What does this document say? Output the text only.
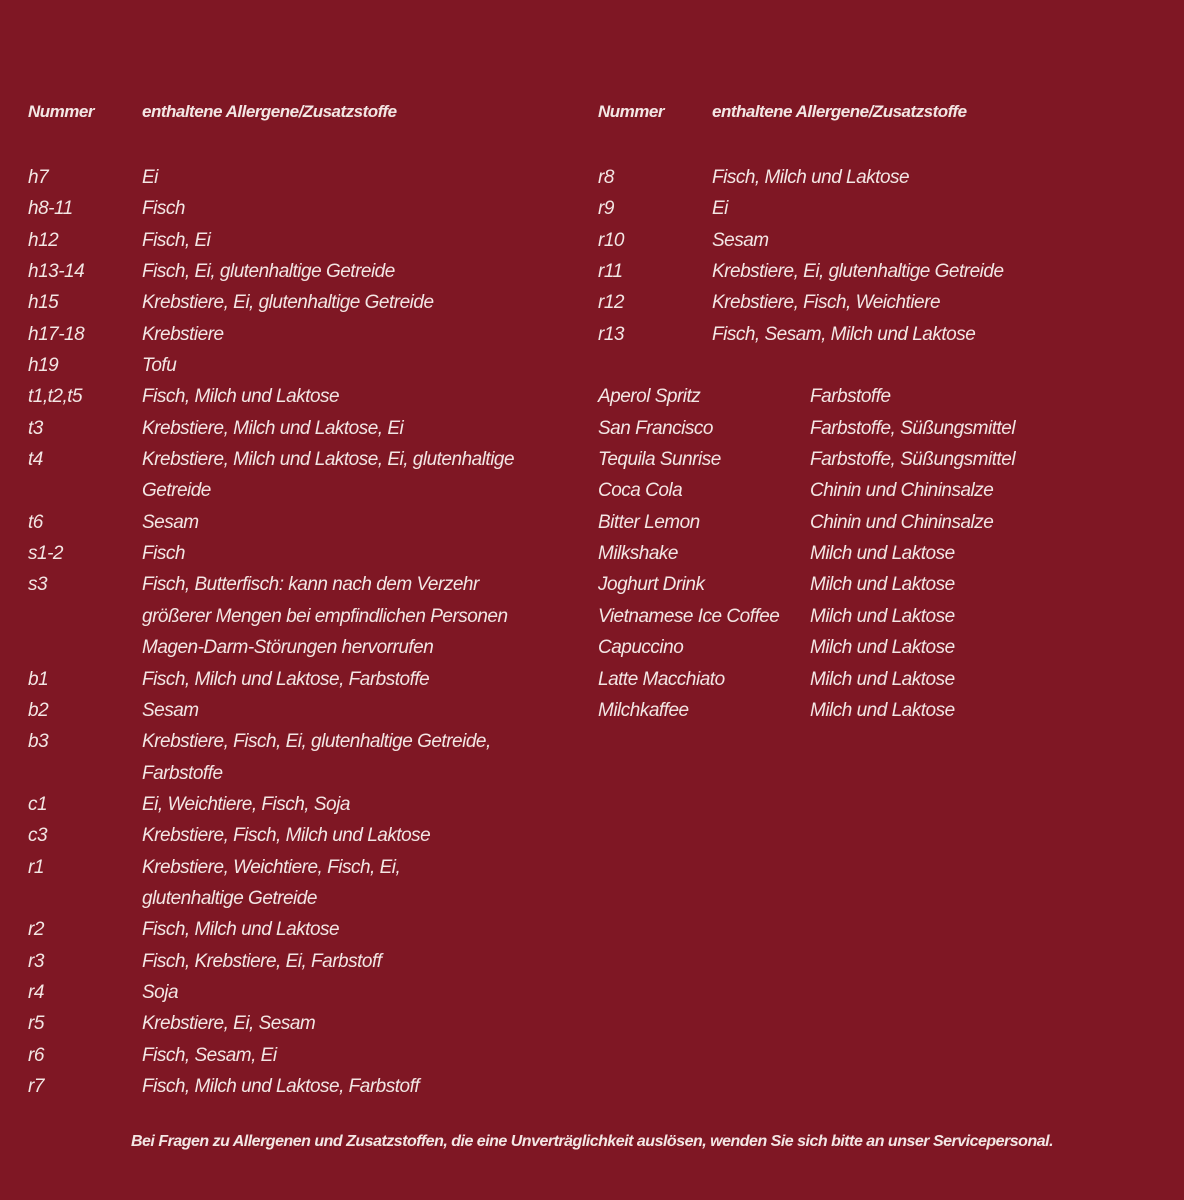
Nummer	enthaltene Allergene/Zusatzstoffe
h7	Ei
h8-11	Fisch
h12	Fisch, Ei
h13-14	Fisch, Ei, glutenhaltige Getreide
h15	Krebstiere, Ei, glutenhaltige Getreide
h17-18	Krebstiere
h19	Tofu
t1,t2,t5	Fisch, Milch und Laktose
t3	Krebstiere, Milch und Laktose, Ei
t4	Krebstiere, Milch und Laktose, Ei, glutenhaltige
Getreide
t6	Sesam
s1-2	Fisch
s3	Fisch, Butterfisch: kann nach dem Verzehr
größerer Mengen bei empfindlichen Personen
Magen-Darm-Störungen hervorrufen
b1	Fisch, Milch und Laktose, Farbstoffe
b2	Sesam
b3	Krebstiere, Fisch, Ei, glutenhaltige Getreide,
Farbstoffe
c1	Ei, Weichtiere, Fisch, Soja
c3	Krebstiere, Fisch, Milch und Laktose
r1	Krebstiere, Weichtiere, Fisch, Ei,
glutenhaltige Getreide
r2	Fisch, Milch und Laktose
r3	Fisch, Krebstiere, Ei, Farbstoff
r4	Soja
r5	Krebstiere, Ei, Sesam
r6	Fisch, Sesam, Ei
r7	Fisch, Milch und Laktose, Farbstoff
Nummer	enthaltene Allergene/Zusatzstoffe
r8	Fisch, Milch und Laktose
r9	Ei
r10	Sesam
r11	Krebstiere, Ei, glutenhaltige Getreide
r12	Krebstiere, Fisch, Weichtiere
r13	Fisch, Sesam, Milch und Laktose
Aperol Spritz	Farbstoffe
San Francisco	Farbstoffe, Süßungsmittel
Tequila Sunrise	Farbstoffe, Süßungsmittel
Coca Cola	Chinin und Chininsalze
Bitter Lemon	Chinin und Chininsalze
Milkshake	Milch und Laktose
Joghurt Drink	Milch und Laktose
Vietnamese Ice Coffee	Milch und Laktose
Capuccino	Milch und Laktose
Latte Macchiato	Milch und Laktose
Milchkaffee	Milch und Laktose
Bei Fragen zu Allergenen und Zusatzstoffen, die eine Unverträglichkeit auslösen, wenden Sie sich bitte an unser Servicepersonal.
